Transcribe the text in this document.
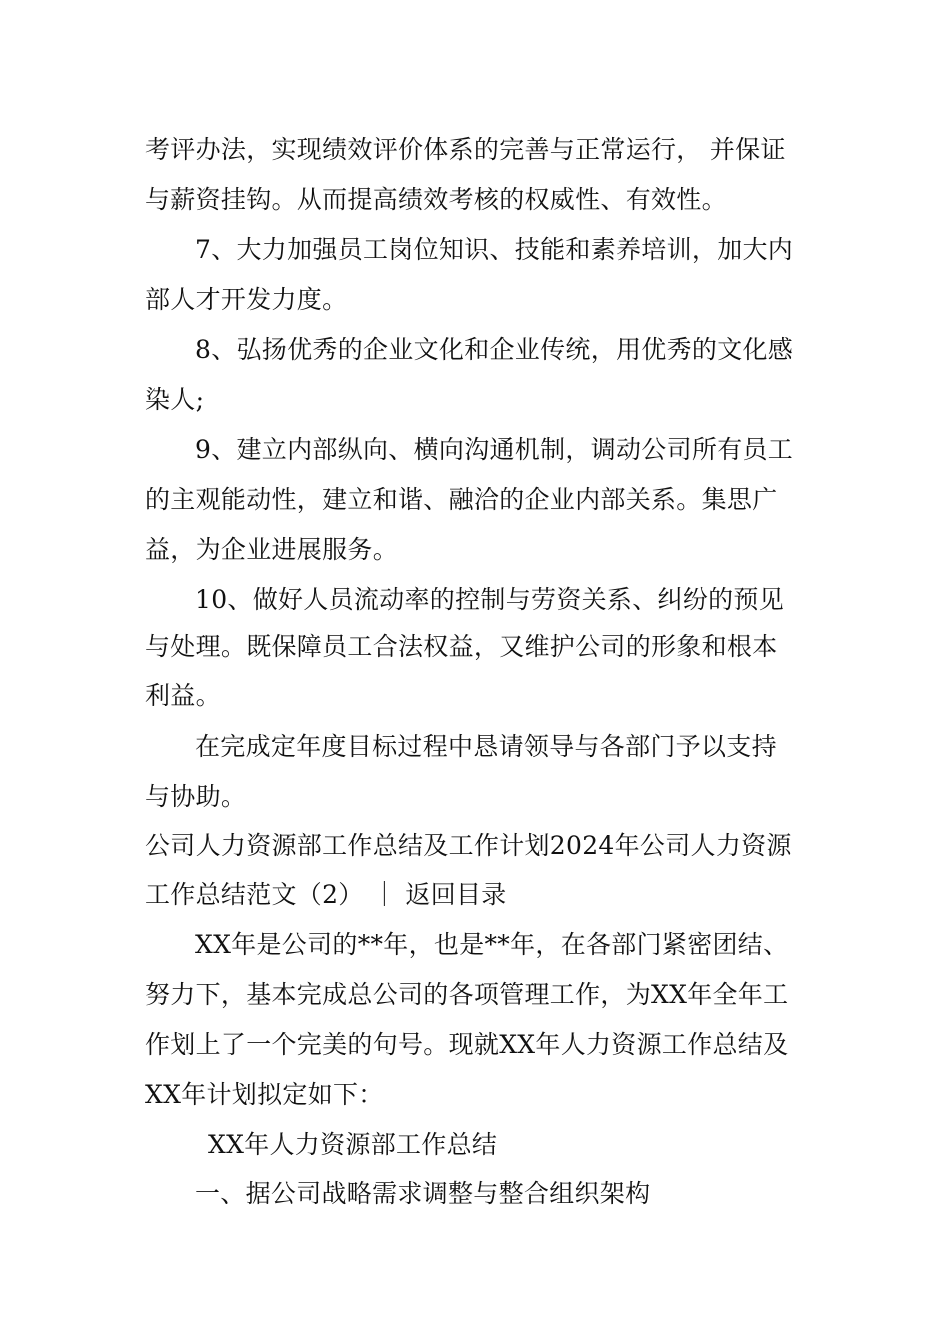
考评办法，实现绩效评价体系的完善与正常运行， 并保证
与薪资挂钩。从而提高绩效考核的权威性、有效性。
7、大力加强员工岗位知识、技能和素养培训，加大内
部人才开发力度。
8、弘扬优秀的企业文化和企业传统，用优秀的文化感
染人;
9、建立内部纵向、横向沟通机制，调动公司所有员工
的主观能动性，建立和谐、融洽的企业内部关系。集思广
益，为企业进展服务。
10、做好人员流动率的控制与劳资关系、纠纷的预见
与处理。既保障员工合法权益，又维护公司的形象和根本
利益。
在完成定年度目标过程中恳请领导与各部门予以支持
与协助。
公司人力资源部工作总结及工作计划2024年公司人力资源
工作总结范文（2） ｜ 返回目录
XX年是公司的**年，也是**年，在各部门紧密团结、
努力下，基本完成总公司的各项管理工作，为XX年全年工
作划上了一个完美的句号。现就XX年人力资源工作总结及
XX年计划拟定如下：
XX年人力资源部工作总结
一、据公司战略需求调整与整合组织架构
